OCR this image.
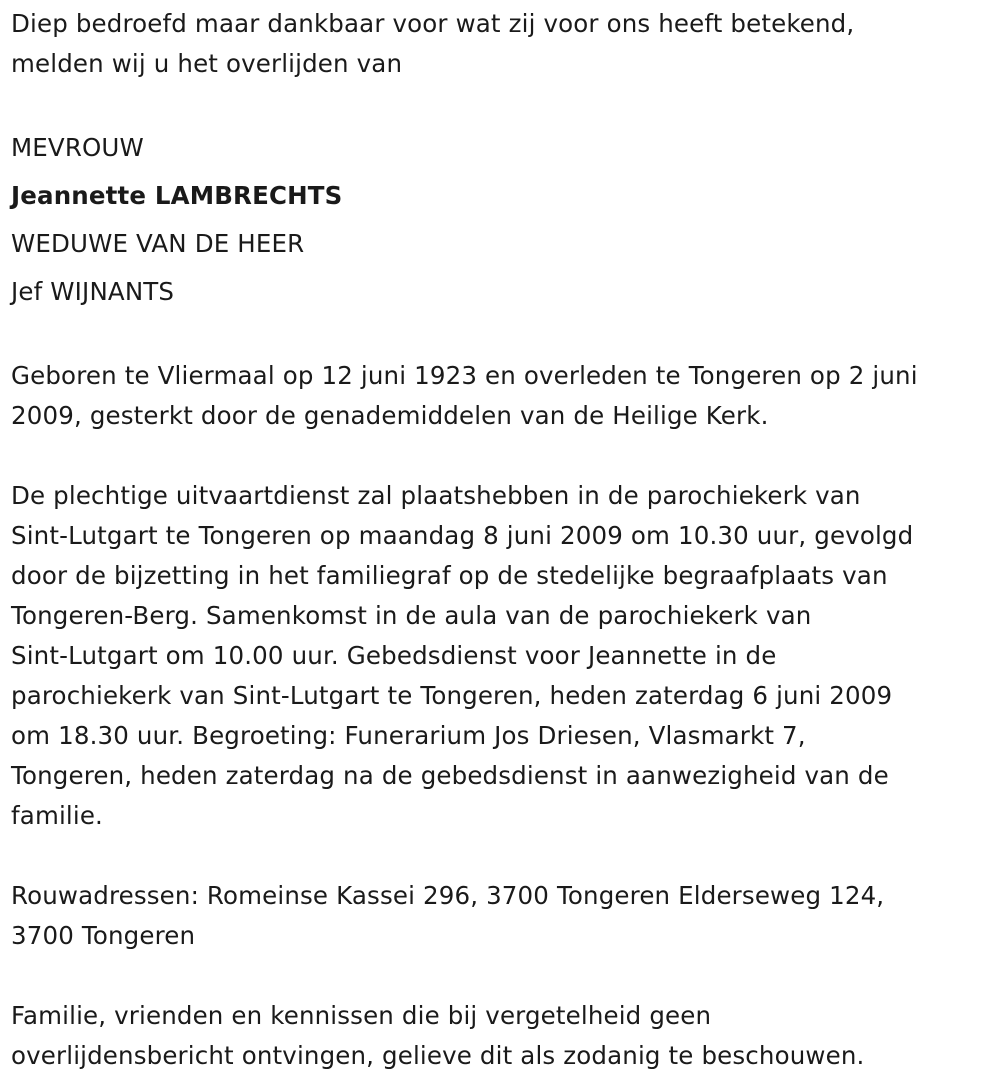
Diep bedroefd maar dankbaar voor wat zij voor ons heeft betekend,
melden wij u het overlijden van

MEVROUW
Jeannette LAMBRECHTS
WEDUWE VAN DE HEER
Jef WIJNANTS

Geboren te Vliermaal op 12 juni 1923 en overleden te Tongeren op 2 juni
2009, gesterkt door de genademiddelen van de Heilige Kerk.

De plechtige uitvaartdienst zal plaatshebben in de parochiekerk van
Sint-Lutgart te Tongeren op maandag 8 juni 2009 om 10.30 uur, gevolgd
door de bijzetting in het familiegraf op de stedelijke begraafplaats van
Tongeren-Berg. Samenkomst in de aula van de parochiekerk van
Sint-Lutgart om 10.00 uur. Gebedsdienst voor Jeannette in de
parochiekerk van Sint-Lutgart te Tongeren, heden zaterdag 6 juni 2009
om 18.30 uur. Begroeting: Funerarium Jos Driesen, Vlasmarkt 7,
Tongeren, heden zaterdag na de gebedsdienst in aanwezigheid van de
familie.

Rouwadressen: Romeinse Kassei 296, 3700 Tongeren Elderseweg 124,
3700 Tongeren

Familie, vrienden en kennissen die bij vergetelheid geen
overlijdensbericht ontvingen, gelieve dit als zodanig te beschouwen.
